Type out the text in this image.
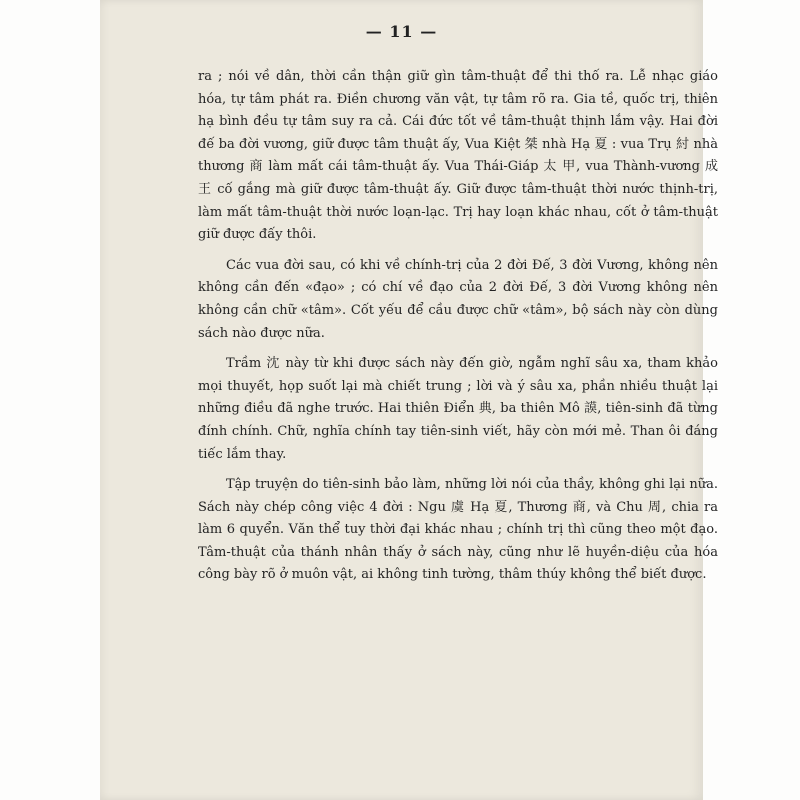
— 11 —

ra ; nói về dân, thời cần thận giữ gìn tâm-thuật để thi thố ra. Lễ nhạc giáo hóa, tự tâm phát ra. Điền chương văn vật, tự tâm rõ ra. Gia tề, quốc trị, thiên hạ bình đều tự tâm suy ra cả. Cái đức tốt về tâm-thuật thịnh lắm vậy. Hai đời đế ba đời vương, giữ được tâm thuật ấy, Vua Kiệt 桀 nhà Hạ 夏 : vua Trụ 紂 nhà thương 商 làm mất cái tâm-thuật ấy. Vua Thái-Giáp 太 甲, vua Thành-vương 成 王 cố gắng mà giữ được tâm-thuật ấy. Giữ được tâm-thuật thời nước thịnh-trị, làm mất tâm-thuật thời nước loạn-lạc. Trị hay loạn khác nhau, cốt ở tâm-thuật giữ được đấy thôi.

Các vua đời sau, có khi về chính-trị của 2 đời Đế, 3 đời Vương, không nên không cần đến «đạo» ; có chí về đạo của 2 đời Đế, 3 đời Vương không nên không cần chữ «tâm». Cốt yếu để cầu được chữ «tâm», bộ sách này còn dùng sách nào được nữa.

Trầm 沈 này từ khi được sách này đến giờ, ngẫm nghĩ sâu xa, tham khảo mọi thuyết, họp suốt lại mà chiết trung ; lời và ý sâu xa, phần nhiều thuật lại những điều đã nghe trước. Hai thiên Điển 典, ba thiên Mô 謨, tiên-sinh đã từng đính chính. Chữ, nghĩa chính tay tiên-sinh viết, hãy còn mới mẻ. Than ôi đáng tiếc lắm thay.

Tập truyện do tiên-sinh bảo làm, những lời nói của thầy, không ghi lại nữa. Sách này chép công việc 4 đời : Ngu 虞 Hạ 夏, Thương 商, và Chu 周, chia ra làm 6 quyển. Văn thể tuy thời đại khác nhau ; chính trị thì cũng theo một đạo. Tâm-thuật của thánh nhân thấy ở sách này, cũng như lẽ huyền-diệu của hóa công bày rõ ở muôn vật, ai không tinh tường, thâm thúy không thể biết được.
